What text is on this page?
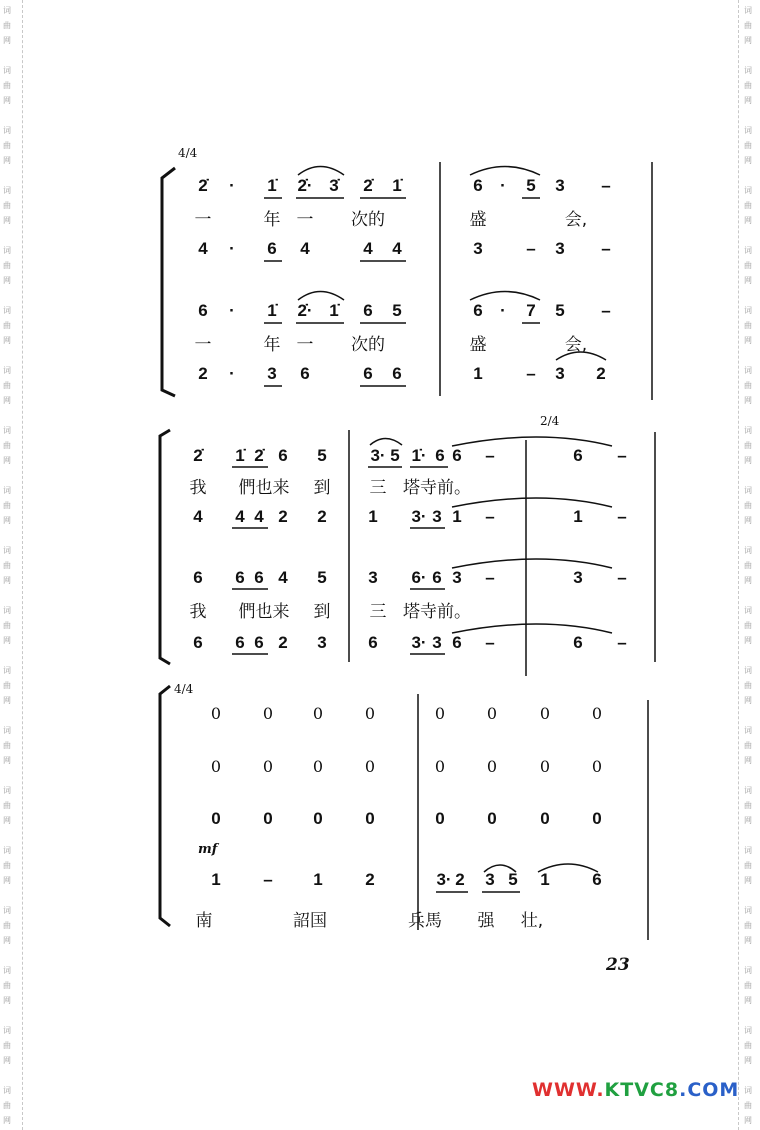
词
曲
网
词
曲
网
词
曲
网
词
曲
网
词
曲
网
词
曲
网
词
曲
网
词
曲
网
词
曲
网
词
曲
网
词
曲
网
词
曲
网
词
曲
网
词
曲
网
词
曲
网
词
曲
网
词
曲
网
词
曲
网
词
曲
网
词
曲
网
词
曲
网
词
曲
网
词
曲
网
词
曲
网
词
曲
网
词
曲
网
词
曲
网
词
曲
网
词
曲
网
词
曲
网
词
曲
网
词
曲
网
词
曲
网
词
曲
网
词
曲
网
词
曲
网
词
曲
网
词
曲
网
2̇ · 1̇ 2̇· 3̇ 2̇ 1̇	6 · 5 3 –
一	年 一 次的	盛	会,
4 · 6 4	4 4	3	– 3 –
6 · 1̇ 2̇· 1̇ 6 5	6 · 7 5 –
一	年 一 次的	盛	会,
2 · 3 6	6 6	1	– 3 2
2̇ 1̇ 2̇ 6 5	3· 5 1̇· 6 6 –	6 –
我 們也来 到 三 塔寺前。
4 4 4 2 2 1 3· 3 1 –	1 –
6 6 6 4 5 3 6· 6 3 –	3 –
我 們也来 到 三 塔寺前。
6 6 6 2 3 6 3· 3 6 –	6 –
0	0 0	0	0	0	0	0
0	0 0	0	0	0	0	0
0	0 0	0	0	0	0	0
1	– 1	2	3· 2 3 5 1	6
南	詔国	兵馬 强 壮,
4/4
2/4
4/4
mf
23
WWW.KTVC8.COM
